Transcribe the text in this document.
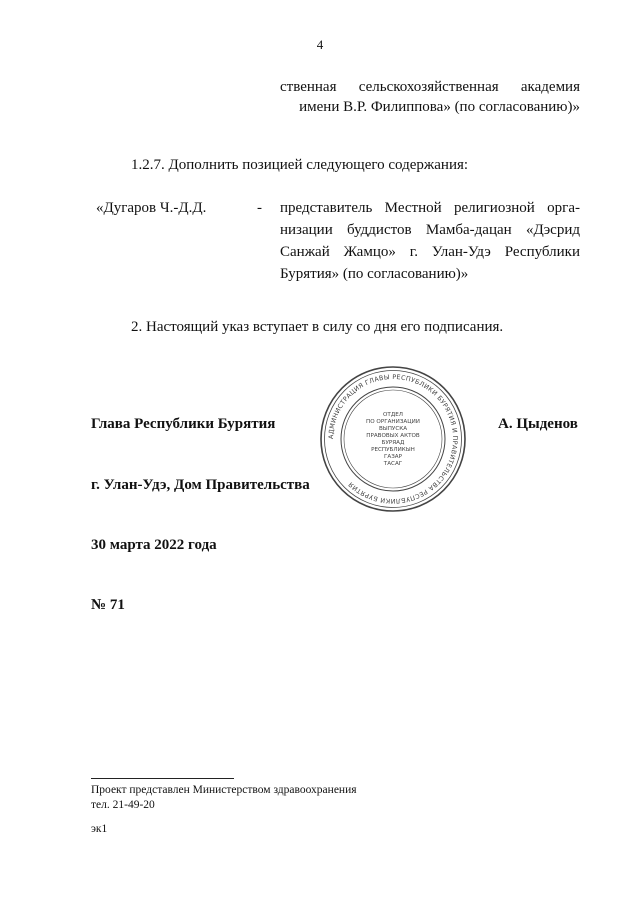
4
ственная сельскохозяйственная академия
имени В.Р. Филиппова» (по согласованию)»
1.2.7. Дополнить позицией следующего содержания:
«Дугаров Ч.-Д.Д.	- представитель Местной религиозной орга-
низации буддистов Мамба-дацан «Дэсрид
Санжай Жамцо» г. Улан-Удэ Республики
Бурятия» (по согласованию)»
2. Настоящий указ вступает в силу со дня его подписания.
АДМИНИСТРАЦИЯ ГЛАВЫ РЕСПУБЛИКИ БУРЯТИЯ И ПРАВИТЕЛЬСТВА РЕСПУБЛИКИ БУРЯТИЯ
ОТДЕЛ
ПО ОРГАНИЗАЦИИ
ВЫПУСКА
ПРАВОВЫХ АКТОВ
БУРЯАД
РЕСПУБЛИКЫН
ГАЗАР
ТАСАГ
Глава Республики Бурятия	А. Цыденов
г. Улан-Удэ, Дом Правительства
30 марта 2022 года
№ 71
Проект представлен Министерством здравоохранения
тел. 21-49-20
эк1
